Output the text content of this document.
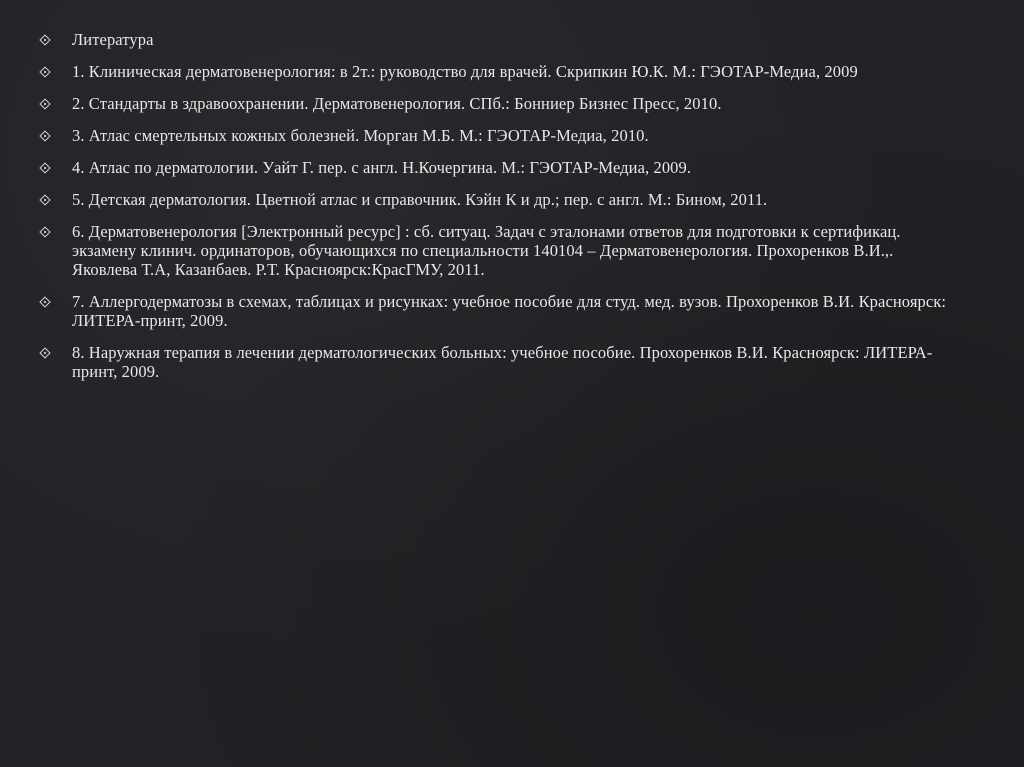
Литература
1. Клиническая дерматовенерология: в 2т.: руководство для врачей. Скрипкин Ю.К. М.: ГЭОТАР-Медиа, 2009
2. Стандарты в здравоохранении. Дерматовенерология. СПб.: Бонниер Бизнес Пресс, 2010.
3. Атлас смертельных кожных болезней. Морган М.Б. М.: ГЭОТАР-Медиа, 2010.
4. Атлас по дерматологии. Уайт Г. пер. с англ. Н.Кочергина. М.: ГЭОТАР-Медиа, 2009.
5. Детская дерматология. Цветной атлас и справочник. Кэйн К и др.; пер. с англ. М.: Бином, 2011.
6. Дерматовенерология [Электронный ресурс] : сб. ситуац. Задач с эталонами ответов для подготовки к сертификац. экзамену клинич. ординаторов, обучающихся по специальности 140104 – Дерматовенерология. Прохоренков В.И.,. Яковлева Т.А, Казанбаев. Р.Т. Красноярск:КрасГМУ, 2011.
7. Аллергодерматозы в схемах, таблицах и рисунках: учебное пособие для студ. мед. вузов. Прохоренков В.И. Красноярск: ЛИТЕРА-принт, 2009.
8. Наружная терапия в лечении дерматологических больных: учебное пособие. Прохоренков В.И. Красноярск: ЛИТЕРА-принт, 2009.
